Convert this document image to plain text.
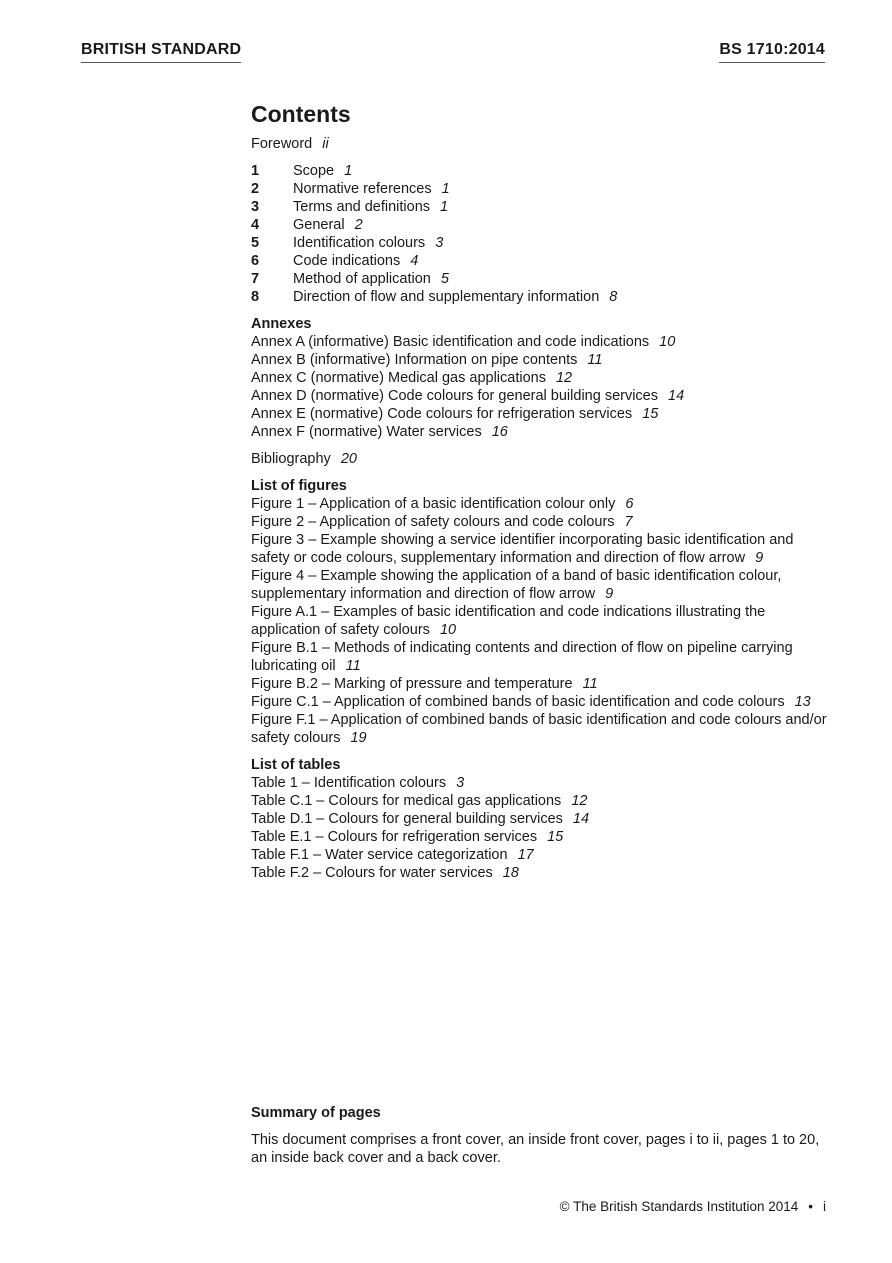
BRITISH STANDARD	BS 1710:2014
Contents
Foreword ii
1	Scope 1
2	Normative references 1
3	Terms and definitions 1
4	General 2
5	Identification colours 3
6	Code indications 4
7	Method of application 5
8	Direction of flow and supplementary information 8
Annexes
Annex A (informative) Basic identification and code indications 10
Annex B (informative) Information on pipe contents 11
Annex C (normative) Medical gas applications 12
Annex D (normative) Code colours for general building services 14
Annex E (normative) Code colours for refrigeration services 15
Annex F (normative) Water services 16
Bibliography 20
List of figures
Figure 1 – Application of a basic identification colour only 6
Figure 2 – Application of safety colours and code colours 7
Figure 3 – Example showing a service identifier incorporating basic identification and safety or code colours, supplementary information and direction of flow arrow 9
Figure 4 – Example showing the application of a band of basic identification colour, supplementary information and direction of flow arrow 9
Figure A.1 – Examples of basic identification and code indications illustrating the application of safety colours 10
Figure B.1 – Methods of indicating contents and direction of flow on pipeline carrying lubricating oil 11
Figure B.2 – Marking of pressure and temperature 11
Figure C.1 – Application of combined bands of basic identification and code colours 13
Figure F.1 – Application of combined bands of basic identification and code colours and/or safety colours 19
List of tables
Table 1 – Identification colours 3
Table C.1 – Colours for medical gas applications 12
Table D.1 – Colours for general building services 14
Table E.1 – Colours for refrigeration services 15
Table F.1 – Water service categorization 17
Table F.2 – Colours for water services 18
Summary of pages
This document comprises a front cover, an inside front cover, pages i to ii, pages 1 to 20, an inside back cover and a back cover.
© The British Standards Institution 2014 • i
